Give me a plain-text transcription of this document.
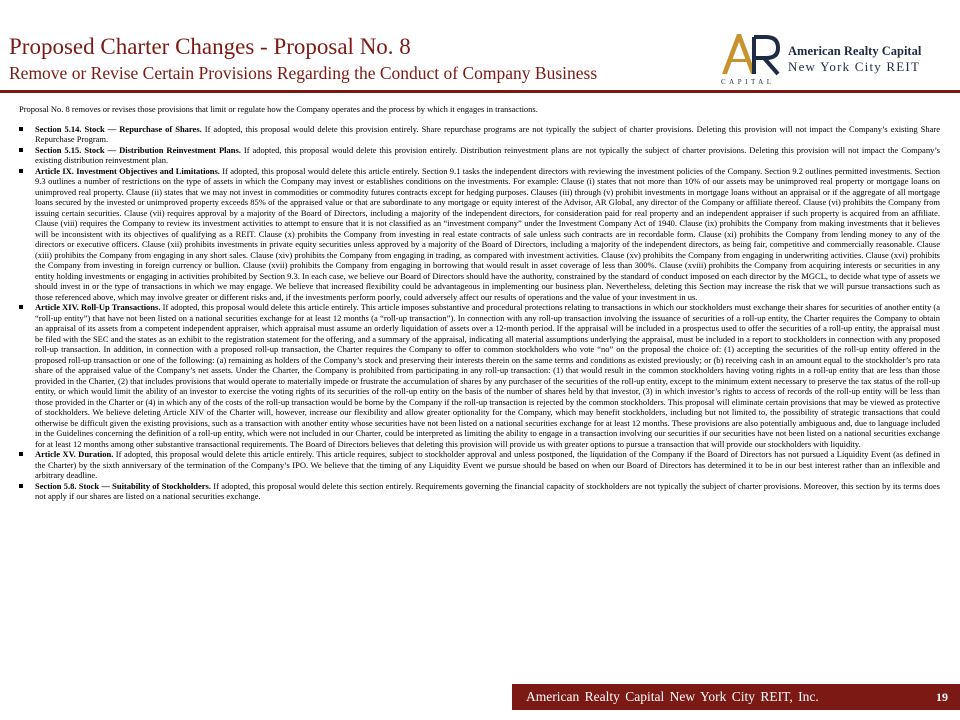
Proposed Charter Changes - Proposal No. 8
Remove or Revise Certain Provisions Regarding the Conduct of Company Business	CAPITAL
American Realty Capital
New York City REIT

Proposal No. 8 removes or revises those provisions that limit or regulate how the Company operates and the process by which it engages in transactions.

Section 5.14. Stock — Repurchase of Shares. If adopted, this proposal would delete this provision entirely. Share repurchase programs are not typically the subject of charter provisions. Deleting this provision will not impact the Company’s existing Share Repurchase Program.
Section 5.15. Stock — Distribution Reinvestment Plans. If adopted, this proposal would delete this provision entirely. Distribution reinvestment plans are not typically the subject of charter provisions. Deleting this provision will not impact the Company’s existing distribution reinvestment plan.
Article IX. Investment Objectives and Limitations. If adopted, this proposal would delete this article entirely. Section 9.1 tasks the independent directors with reviewing the investment policies of the Company. Section 9.2 outlines permitted investments. Section 9.3 outlines a number of restrictions on the type of assets in which the Company may invest or establishes conditions on the investments. For example: Clause (i) states that not more than 10% of our assets may be unimproved real property or mortgage loans on unimproved real property. Clause (ii) states that we may not invest in commodities or commodity futures contracts except for hedging purposes. Clauses (iii) through (v) prohibit investments in mortgage loans without an appraisal or if the aggregate of all mortgage loans secured by the invested or unimproved property exceeds 85% of the appraised value or that are subordinate to any mortgage or equity interest of the Advisor, AR Global, any director of the Company or affiliate thereof. Clause (vi) prohibits the Company from issuing certain securities. Clause (vii) requires approval by a majority of the Board of Directors, including a majority of the independent directors, for consideration paid for real property and an independent appraiser if such property is acquired from an affiliate. Clause (viii) requires the Company to review its investment activities to attempt to ensure that it is not classified as an “investment company” under the Investment Company Act of 1940. Clause (ix) prohibits the Company from making investments that it believes will be inconsistent with its objectives of qualifying as a REIT. Clause (x) prohibits the Company from investing in real estate contracts of sale unless such contracts are in recordable form. Clause (xi) prohibits the Company from lending money to any of the directors or executive officers. Clause (xii) prohibits investments in private equity securities unless approved by a majority of the Board of Directors, including a majority of the independent directors, as being fair, competitive and commercially reasonable. Clause (xiii) prohibits the Company from engaging in any short sales. Clause (xiv) prohibits the Company from engaging in trading, as compared with investment activities. Clause (xv) prohibits the Company from engaging in underwriting activities. Clause (xvi) prohibits the Company from investing in foreign currency or bullion. Clause (xvii) prohibits the Company from engaging in borrowing that would result in asset coverage of less than 300%. Clause (xviii) prohibits the Company from acquiring interests or securities in any entity holding investments or engaging in activities prohibited by Section 9.3. In each case, we believe our Board of Directors should have the authority, constrained by the standard of conduct imposed on each director by the MGCL, to decide what type of assets we should invest in or the type of transactions in which we may engage. We believe that increased flexibility could be advantageous in implementing our business plan. Nevertheless, deleting this Section may increase the risk that we will pursue transactions such as those referenced above, which may involve greater or different risks and, if the investments perform poorly, could adversely affect our results of operations and the value of your investment in us.
Article XIV. Roll-Up Transactions. If adopted, this proposal would delete this article entirely. This article imposes substantive and procedural protections relating to transactions in which our stockholders must exchange their shares for securities of another entity (a “roll-up entity”) that have not been listed on a national securities exchange for at least 12 months (a “roll-up transaction”). In connection with any roll-up transaction involving the issuance of securities of a roll-up entity, the Charter requires the Company to obtain an appraisal of its assets from a competent independent appraiser, which appraisal must assume an orderly liquidation of assets over a 12-month period. If the appraisal will be included in a prospectus used to offer the securities of a roll-up entity, the appraisal must be filed with the SEC and the states as an exhibit to the registration statement for the offering, and a summary of the appraisal, indicating all material assumptions underlying the appraisal, must be included in a report to stockholders in connection with any proposed roll-up transaction. In addition, in connection with a proposed roll-up transaction, the Charter requires the Company to offer to common stockholders who vote “no” on the proposal the choice of: (1) accepting the securities of the roll-up entity offered in the proposed roll-up transaction or one of the following: (a) remaining as holders of the Company’s stock and preserving their interests therein on the same terms and conditions as existed previously; or (b) receiving cash in an amount equal to the stockholder’s pro rata share of the appraised value of the Company’s net assets. Under the Charter, the Company is prohibited from participating in any roll-up transaction: (1) that would result in the common stockholders having voting rights in a roll-up entity that are less than those provided in the Charter, (2) that includes provisions that would operate to materially impede or frustrate the accumulation of shares by any purchaser of the securities of the roll-up entity, except to the minimum extent necessary to preserve the tax status of the roll-up entity, or which would limit the ability of an investor to exercise the voting rights of its securities of the roll-up entity on the basis of the number of shares held by that investor, (3) in which investor’s rights to access of records of the roll-up entity will be less than those provided in the Charter or (4) in which any of the costs of the roll-up transaction would be borne by the Company if the roll-up transaction is rejected by the common stockholders. This proposal will eliminate certain provisions that may be viewed as protective of stockholders. We believe deleting Article XIV of the Charter will, however, increase our flexibility and allow greater optionality for the Company, which may benefit stockholders, including but not limited to, the possibility of strategic transactions that could otherwise be difficult given the existing provisions, such as a transaction with another entity whose securities have not been listed on a national securities exchange for at least 12 months. These provisions are also potentially ambiguous and, due to language included in the Guidelines concerning the definition of a roll-up entity, which were not included in our Charter, could be interpreted as limiting the ability to engage in a transaction involving our securities if our securities have not been listed on a national securities exchange for at least 12 months among other substantive transactional requirements. The Board of Directors believes that deleting this provision will provide us with greater options to pursue a transaction that will provide our stockholders with liquidity.
Article XV. Duration. If adopted, this proposal would delete this article entirely. This article requires, subject to stockholder approval and unless postponed, the liquidation of the Company if the Board of Directors has not pursued a Liquidity Event (as defined in the Charter) by the sixth anniversary of the termination of the Company’s IPO. We believe that the timing of any Liquidity Event we pursue should be based on when our Board of Directors has determined it to be in our best interest rather than an inflexible and arbitrary deadline.
Section 5.8. Stock — Suitability of Stockholders. If adopted, this proposal would delete this section entirely. Requirements governing the financial capacity of stockholders are not typically the subject of charter provisions. Moreover, this section by its terms does not apply if our shares are listed on a national securities exchange.
American Realty Capital New York City REIT, Inc.	19
